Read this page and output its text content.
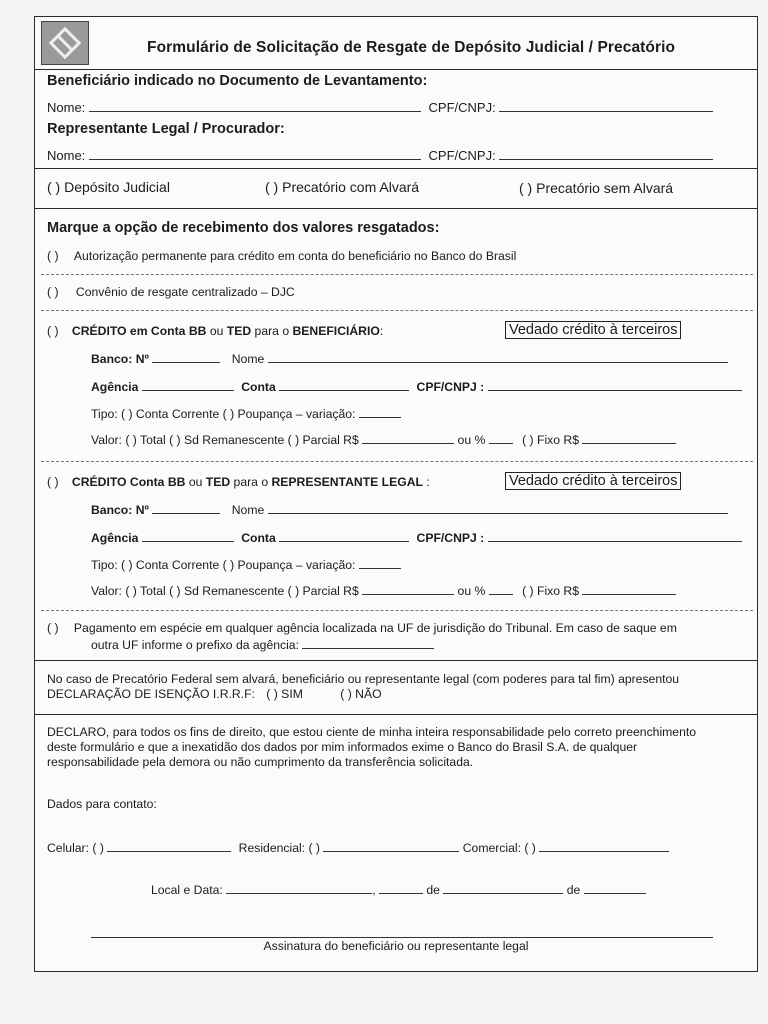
Formulário de Solicitação de Resgate de Depósito Judicial / Precatório
Beneficiário indicado no Documento de Levantamento:
Nome:	CPF/CNPJ:
Representante Legal / Procurador:
Nome:	CPF/CNPJ:
( ) Depósito Judicial	( ) Precatório com Alvará	( ) Precatório sem Alvará
Marque a opção de recebimento dos valores resgatados:
( ) Autorização permanente para crédito em conta do beneficiário no Banco do Brasil
( ) Convênio de resgate centralizado – DJC
( ) CRÉDITO em Conta BB ou TED para o BENEFICIÁRIO:	Vedado crédito à terceiros
Banco: Nº	Nome
Agência	Conta	CPF/CNPJ :
Tipo: ( ) Conta Corrente ( ) Poupança – variação:
Valor: ( ) Total ( ) Sd Remanescente ( ) Parcial R$	ou %	( ) Fixo R$
( ) CRÉDITO Conta BB ou TED para o REPRESENTANTE LEGAL :	Vedado crédito à terceiros
Banco: Nº	Nome
Agência	Conta	CPF/CNPJ :
Tipo: ( ) Conta Corrente ( ) Poupança – variação:
Valor: ( ) Total ( ) Sd Remanescente ( ) Parcial R$	ou %	( ) Fixo R$
( ) Pagamento em espécie em qualquer agência localizada na UF de jurisdição do Tribunal. Em caso de saque em
outra UF informe o prefixo da agência:
No caso de Precatório Federal sem alvará, beneficiário ou representante legal (com poderes para tal fim) apresentou
DECLARAÇÃO DE ISENÇÃO I.R.R.F: ( ) SIM	( ) NÃO
DECLARO, para todos os fins de direito, que estou ciente de minha inteira responsabilidade pelo correto preenchimento
deste formulário e que a inexatidão dos dados por mim informados exime o Banco do Brasil S.A. de qualquer
responsabilidade pela demora ou não cumprimento da transferência solicitada.
Dados para contato:
Celular: ( )	Residencial: ( )	Comercial: ( )
Local e Data:	,	de	de
Assinatura do beneficiário ou representante legal
